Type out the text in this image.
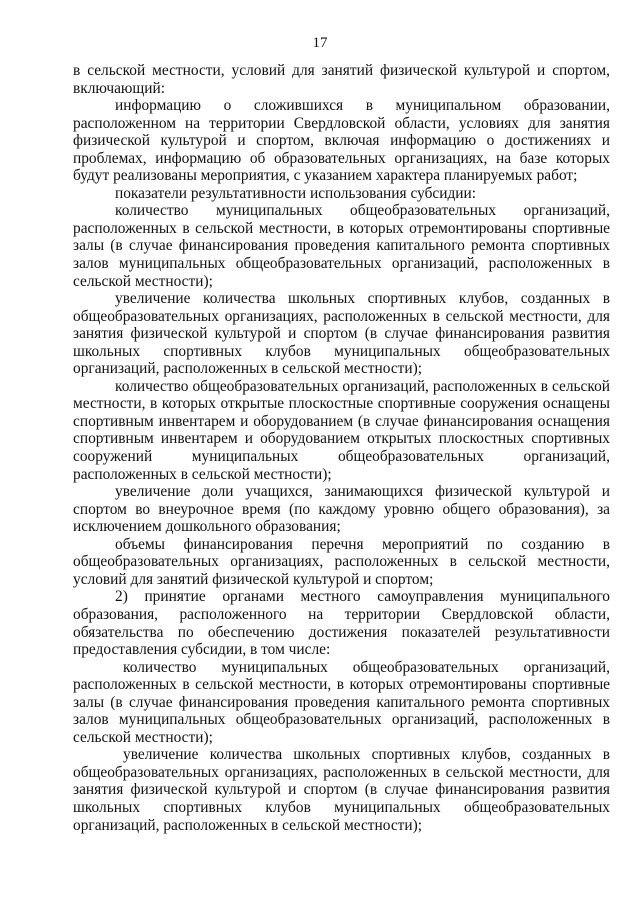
17

в сельской местности, условий для занятий физической культурой и спортом, включающий:

информацию о сложившихся в муниципальном образовании, расположенном на территории Свердловской области, условиях для занятия физической культурой и спортом, включая информацию о достижениях и проблемах, информацию об образовательных организациях, на базе которых будут реализованы мероприятия, с указанием характера планируемых работ;

показатели результативности использования субсидии:

количество муниципальных общеобразовательных организаций, расположенных в сельской местности, в которых отремонтированы спортивные залы (в случае финансирования проведения капитального ремонта спортивных залов муниципальных общеобразовательных организаций, расположенных в сельской местности);

увеличение количества школьных спортивных клубов, созданных в общеобразовательных организациях, расположенных в сельской местности, для занятия физической культурой и спортом (в случае финансирования развития школьных спортивных клубов муниципальных общеобразовательных организаций, расположенных в сельской местности);

количество общеобразовательных организаций, расположенных в сельской местности, в которых открытые плоскостные спортивные сооружения оснащены спортивным инвентарем и оборудованием (в случае финансирования оснащения спортивным инвентарем и оборудованием открытых плоскостных спортивных сооружений муниципальных общеобразовательных организаций, расположенных в сельской местности);

увеличение доли учащихся, занимающихся физической культурой и спортом во внеурочное время (по каждому уровню общего образования), за исключением дошкольного образования;

объемы финансирования перечня мероприятий по созданию в общеобразовательных организациях, расположенных в сельской местности, условий для занятий физической культурой и спортом;

2) принятие органами местного самоуправления муниципального образования, расположенного на территории Свердловской области, обязательства по обеспечению достижения показателей результативности предоставления субсидии, в том числе:

количество муниципальных общеобразовательных организаций, расположенных в сельской местности, в которых отремонтированы спортивные залы (в случае финансирования проведения капитального ремонта спортивных залов муниципальных общеобразовательных организаций, расположенных в сельской местности);

увеличение количества школьных спортивных клубов, созданных в общеобразовательных организациях, расположенных в сельской местности, для занятия физической культурой и спортом (в случае финансирования развития школьных спортивных клубов муниципальных общеобразовательных организаций, расположенных в сельской местности);
